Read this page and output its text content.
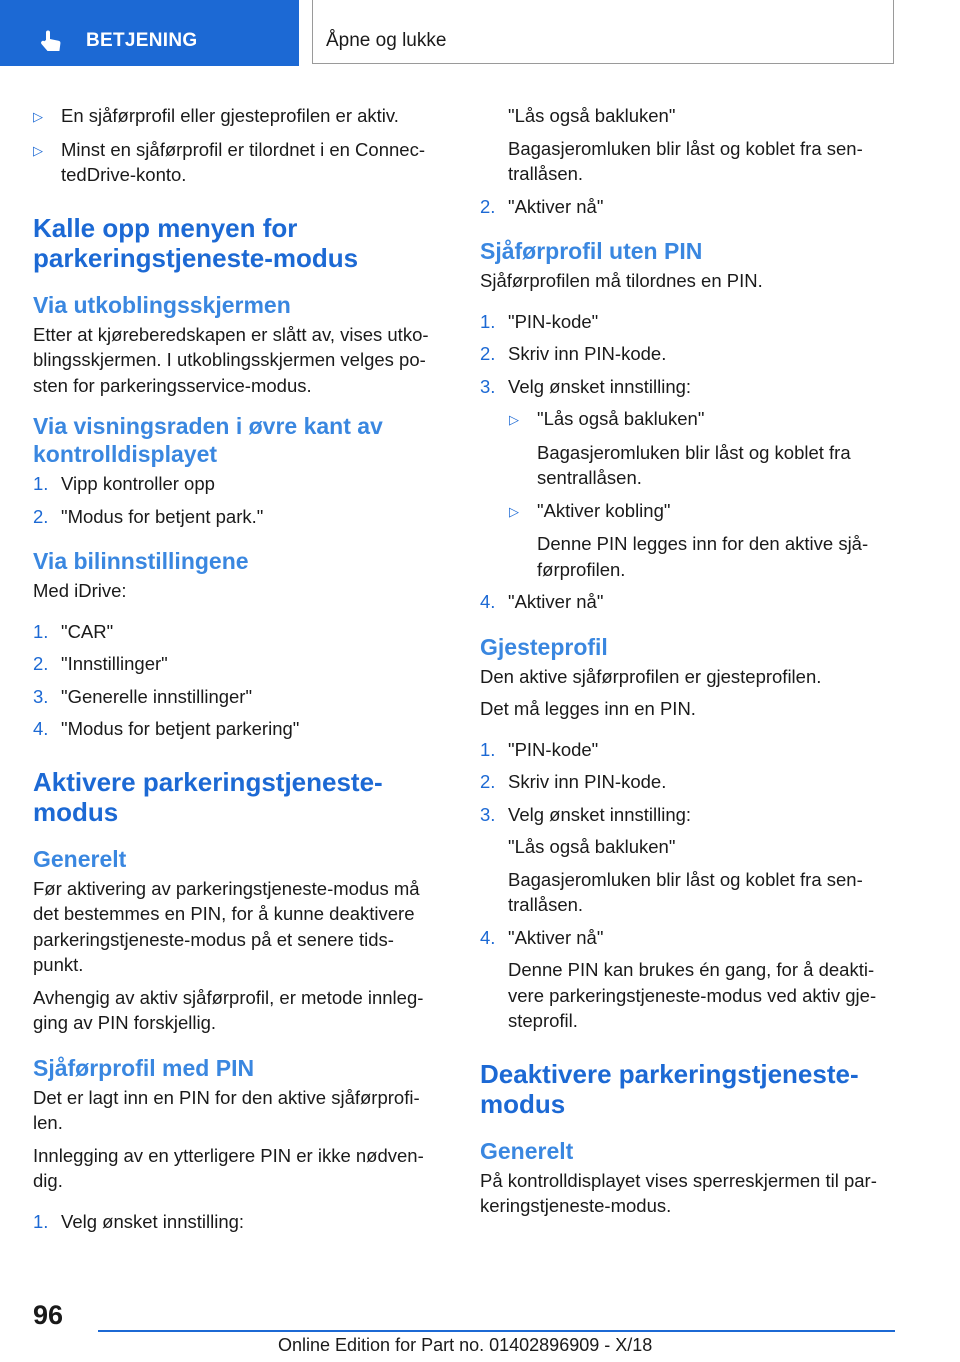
BETJENING	Åpne og lukke
▷ En sjåførprofil eller gjesteprofilen er aktiv.
▷ Minst en sjåførprofil er tilordnet i en ConnectedDrive-konto.
Kalle opp menyen for parkeringstjeneste-modus
Via utkoblingsskjermen
Etter at kjøreberedskapen er slått av, vises utkoblingsskjermen. I utkoblingsskjermen velges posten for parkeringsservice-modus.
Via visningsraden i øvre kant av kontrolldisplayet
1. Vipp kontroller opp
2. "Modus for betjent park."
Via bilinnstillingene
Med iDrive:
1. "CAR"
2. "Innstillinger"
3. "Generelle innstillinger"
4. "Modus for betjent parkering"
Aktivere parkeringstjeneste-modus
Generelt
Før aktivering av parkeringstjeneste-modus må det bestemmes en PIN, for å kunne deaktivere parkeringstjeneste-modus på et senere tidspunkt.
Avhengig av aktiv sjåførprofil, er metode innlegging av PIN forskjellig.
Sjåførprofil med PIN
Det er lagt inn en PIN for den aktive sjåførprofilen.
Innlegging av en ytterligere PIN er ikke nødvendig.
1. Velg ønsket innstilling:
"Lås også bakluken"
Bagasjeromluken blir låst og koblet fra sentrallåsen.
2. "Aktiver nå"
Sjåførprofil uten PIN
Sjåførprofilen må tilordnes en PIN.
1. "PIN-kode"
2. Skriv inn PIN-kode.
3. Velg ønsket innstilling:
▷ "Lås også bakluken"
Bagasjeromluken blir låst og koblet fra sentrallåsen.
▷ "Aktiver kobling"
Denne PIN legges inn for den aktive sjåførprofilen.
4. "Aktiver nå"
Gjesteprofil
Den aktive sjåførprofilen er gjesteprofilen.
Det må legges inn en PIN.
1. "PIN-kode"
2. Skriv inn PIN-kode.
3. Velg ønsket innstilling:
"Lås også bakluken"
Bagasjeromluken blir låst og koblet fra sentrallåsen.
4. "Aktiver nå"
Denne PIN kan brukes én gang, for å deaktivere parkeringstjeneste-modus ved aktiv gjesteprofil.
Deaktivere parkeringstjeneste-modus
Generelt
På kontrolldisplayet vises sperreskjermen til parkeringstjeneste-modus.
96
Online Edition for Part no. 01402896909 - X/18
